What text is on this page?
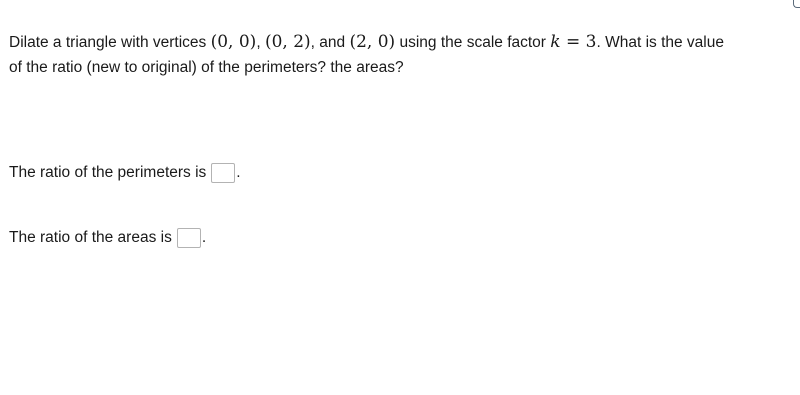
Dilate a triangle with vertices (0, 0), (0, 2), and (2, 0) using the scale factor k = 3. What is the value
of the ratio (new to original) of the perimeters? the areas?
The ratio of the perimeters is .
The ratio of the areas is .
